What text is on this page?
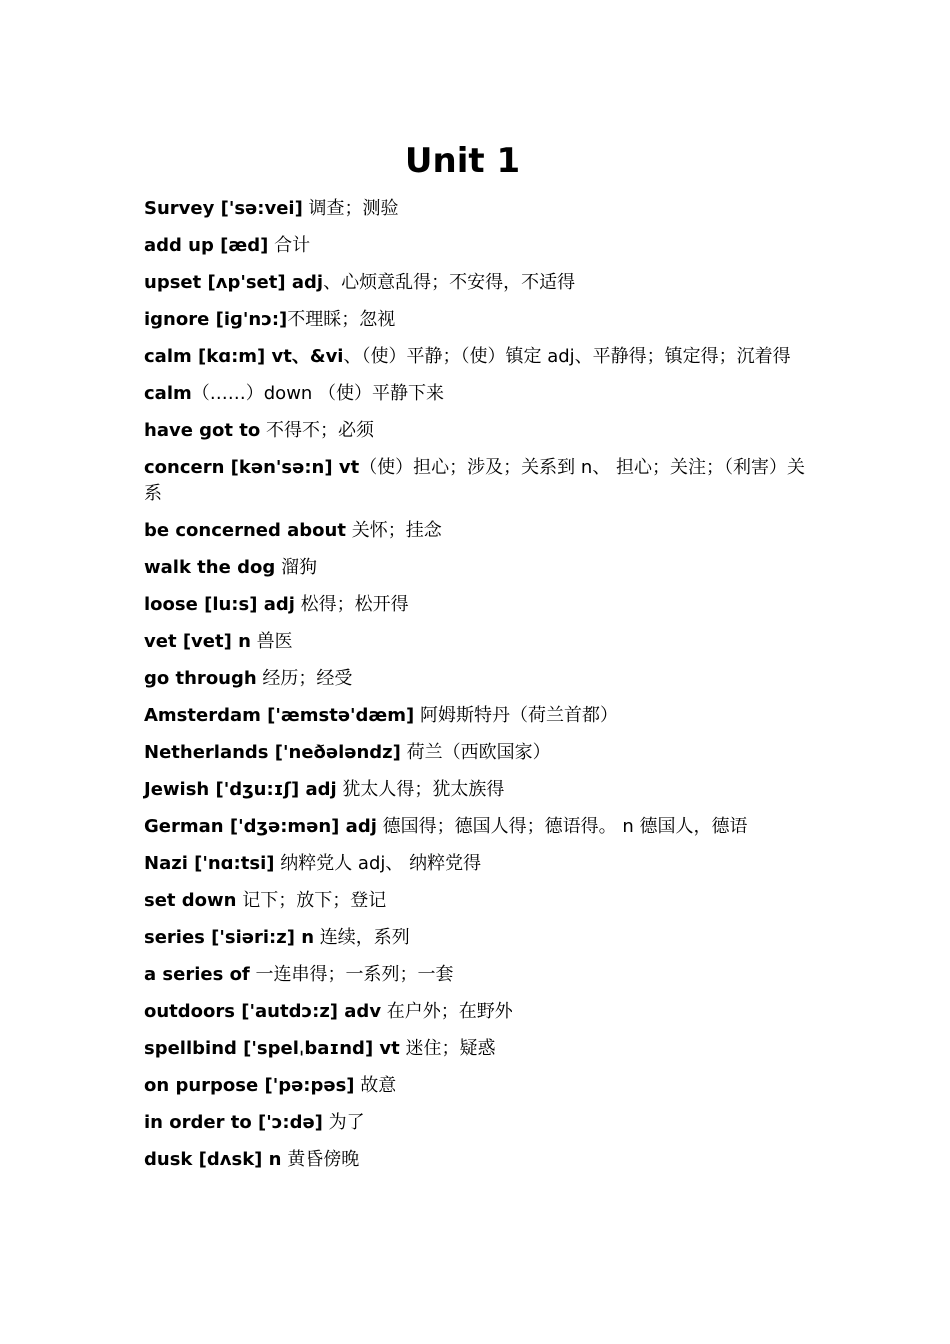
Unit 1
Survey ['sə:vei] 调查；测验
add up [æd] 合计
upset [ʌp'set] adj、心烦意乱得；不安得，不适得
ignore [iɡ'nɔ:]不理睬；忽视
calm [kɑ:m] vt、&vi、（使）平静；（使）镇定 adj、平静得；镇定得；沉着得
calm（……）down （使）平静下来
have got to 不得不；必须
concern [kən'sə:n] vt（使）担心；涉及；关系到 n、 担心；关注；（利害）关系
be concerned about 关怀；挂念
walk the dog 溜狗
loose [lu:s] adj 松得；松开得
vet [vet] n 兽医
go through 经历；经受
Amsterdam ['æmstə'dæm] 阿姆斯特丹（荷兰首都）
Netherlands ['neðələndz] 荷兰（西欧国家）
Jewish ['dʒu:ɪʃ] adj 犹太人得；犹太族得
German ['dʒə:mən] adj 德国得；德国人得；德语得。 n 德国人，德语
Nazi ['nɑ:tsi] 纳粹党人 adj、 纳粹党得
set down 记下；放下；登记
series ['siəri:z] n 连续，系列
a series of 一连串得；一系列；一套
outdoors ['autdɔ:z] adv 在户外；在野外
spellbind ['spelˌbaɪnd] vt 迷住；疑惑
on purpose ['pə:pəs] 故意
in order to ['ɔ:də] 为了
dusk [dʌsk] n 黄昏傍晚
